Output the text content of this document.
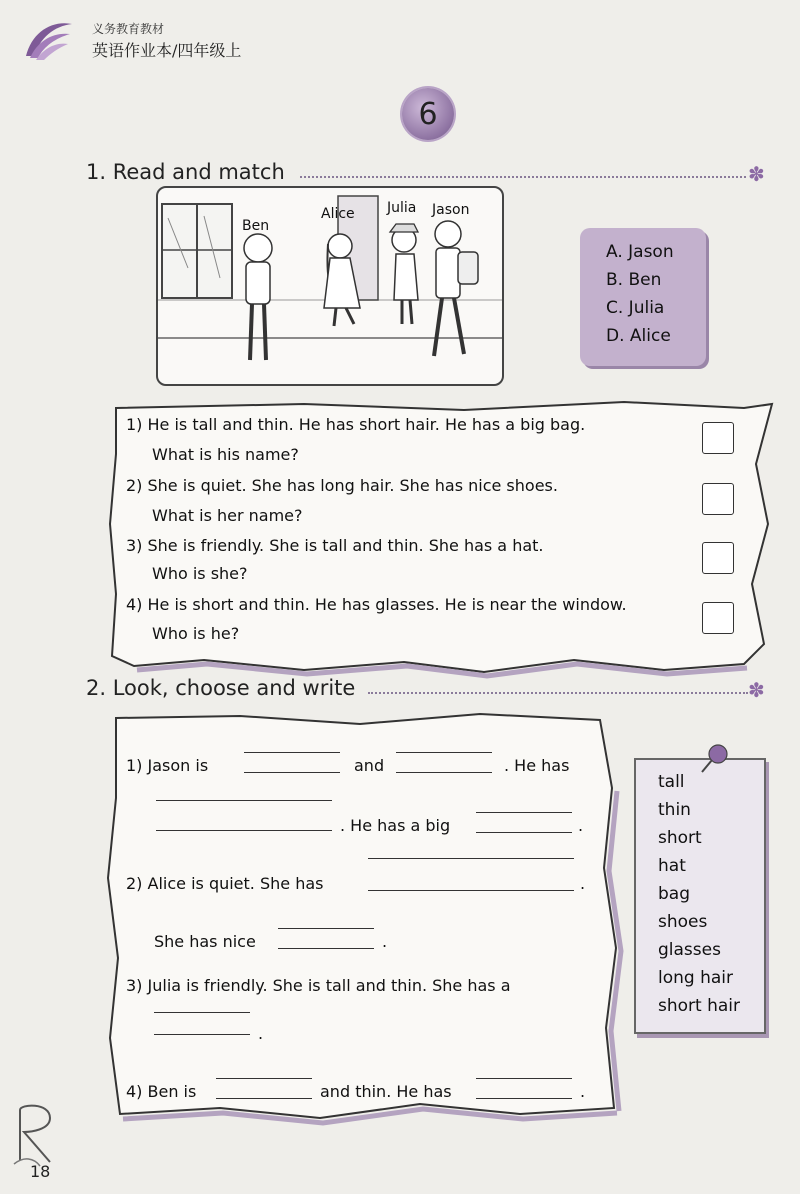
义务教育教材
英语作业本/四年级上
6
1. Read and match	✽
Ben
Alice Julia Jason
A. Jason
B. Ben
C. Julia
D. Alice
1) He is tall and thin. He has short hair. He has a big bag.
What is his name?
2) She is quiet. She has long hair. She has nice shoes.
What is her name?
3) She is friendly. She is tall and thin. She has a hat.
Who is she?
4) He is short and thin. He has glasses. He is near the window.
Who is he?
2. Look, choose and write	✽
1) Jason is	and	. He has
. He has a big	.
2) Alice is quiet. She has	.
She has nice	.
3) Julia is friendly. She is tall and thin. She has a
.
4) Ben is	and thin. He has	.
tall
thin
short
hat
bag
shoes
glasses
long hair
short hair
18
